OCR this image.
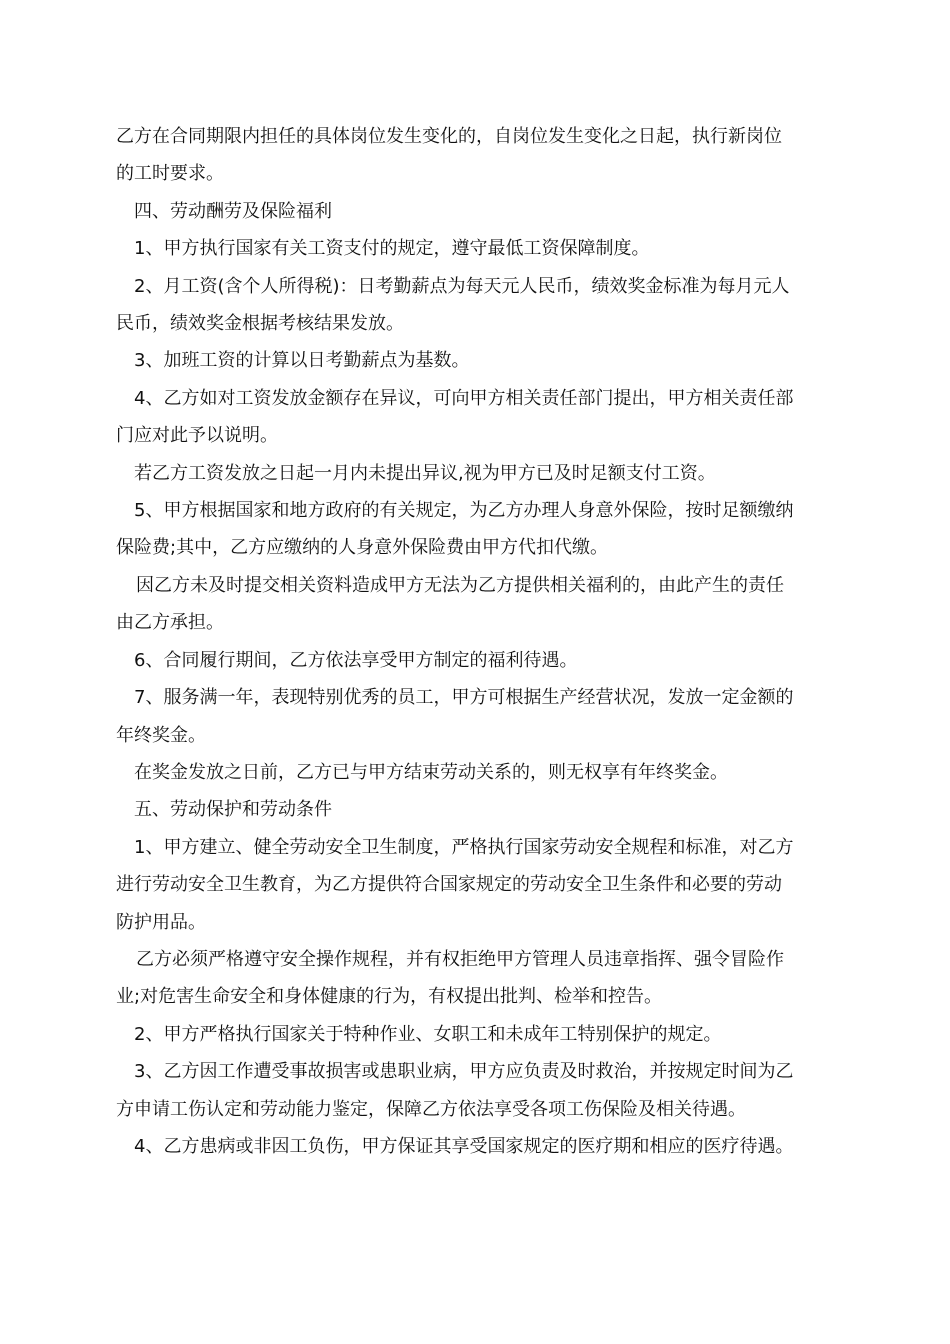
乙方在合同期限内担任的具体岗位发生变化的，自岗位发生变化之日起，执行新岗位

的工时要求。

四、劳动酬劳及保险福利

1、甲方执行国家有关工资支付的规定，遵守最低工资保障制度。

2、月工资(含个人所得税)：日考勤薪点为每天元人民币，绩效奖金标准为每月元人

民币，绩效奖金根据考核结果发放。

3、加班工资的计算以日考勤薪点为基数。

4、乙方如对工资发放金额存在异议，可向甲方相关责任部门提出，甲方相关责任部

门应对此予以说明。

若乙方工资发放之日起一月内未提出异议,视为甲方已及时足额支付工资。

5、甲方根据国家和地方政府的有关规定，为乙方办理人身意外保险，按时足额缴纳

保险费;其中，乙方应缴纳的人身意外保险费由甲方代扣代缴。

因乙方未及时提交相关资料造成甲方无法为乙方提供相关福利的，由此产生的责任

由乙方承担。

6、合同履行期间，乙方依法享受甲方制定的福利待遇。

7、服务满一年，表现特别优秀的员工，甲方可根据生产经营状况，发放一定金额的

年终奖金。

在奖金发放之日前，乙方已与甲方结束劳动关系的，则无权享有年终奖金。

五、劳动保护和劳动条件

1、甲方建立、健全劳动安全卫生制度，严格执行国家劳动安全规程和标准，对乙方

进行劳动安全卫生教育，为乙方提供符合国家规定的劳动安全卫生条件和必要的劳动

防护用品。

乙方必须严格遵守安全操作规程，并有权拒绝甲方管理人员违章指挥、强令冒险作

业;对危害生命安全和身体健康的行为，有权提出批判、检举和控告。

2、甲方严格执行国家关于特种作业、女职工和未成年工特别保护的规定。

3、乙方因工作遭受事故损害或患职业病，甲方应负责及时救治，并按规定时间为乙

方申请工伤认定和劳动能力鉴定，保障乙方依法享受各项工伤保险及相关待遇。

4、乙方患病或非因工负伤，甲方保证其享受国家规定的医疗期和相应的医疗待遇。
